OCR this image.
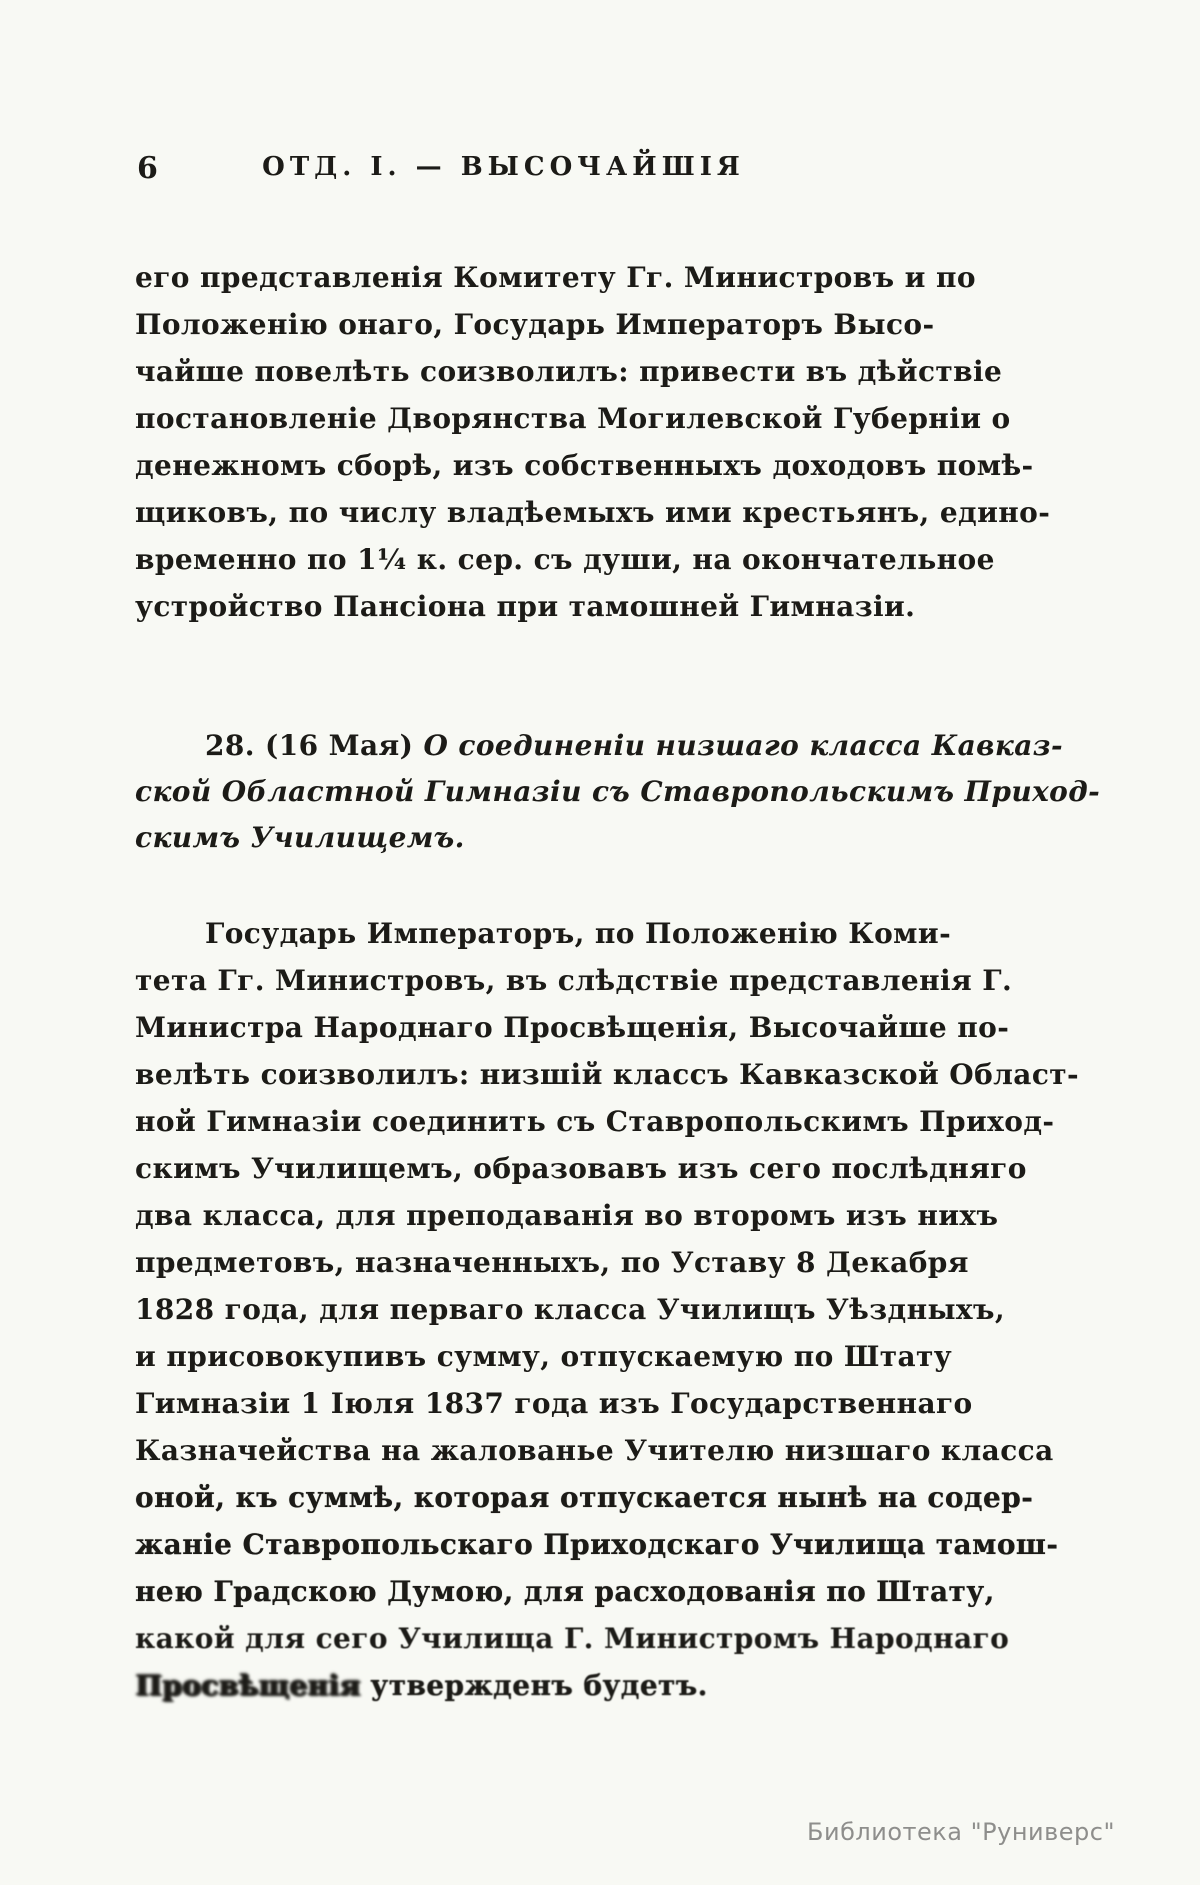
6	ОТД. I. — ВЫСОЧАЙШІЯ
его представленія Комитету Гг. Министровъ и по
Положенію онаго, Государь Императоръ Высо-
чайше повелѣть соизволилъ: привести въ дѣйствіе
постановленіе Дворянства Могилевской Губерніи о
денежномъ сборѣ, изъ собственныхъ доходовъ помѣ-
щиковъ, по числу владѣемыхъ ими крестьянъ, едино-
временно по 1¼ к. сер. съ души, на окончательное
устройство Пансіона при тамошней Гимназіи.
28. (16 Мая) О соединеніи низшаго класса Кавказ-
ской Областной Гимназіи съ Ставропольскимъ Приход-
скимъ Училищемъ.
Государь Императоръ, по Положенію Коми-
тета Гг. Министровъ, въ слѣдствіе представленія Г.
Министра Народнаго Просвѣщенія, Высочайше по-
велѣть соизволилъ: низшій классъ Кавказской Област-
ной Гимназіи соединить съ Ставропольскимъ Приход-
скимъ Училищемъ, образовавъ изъ сего послѣдняго
два класса, для преподаванія во второмъ изъ нихъ
предметовъ, назначенныхъ, по Уставу 8 Декабря
1828 года, для перваго класса Училищъ Уѣздныхъ,
и присовокупивъ сумму, отпускаемую по Штату
Гимназіи 1 Іюля 1837 года изъ Государственнаго
Казначейства на жалованье Учителю низшаго класса
оной, къ суммѣ, которая отпускается нынѣ на содер-
жаніе Ставропольскаго Приходскаго Училища тамош-
нею Градскою Думою, для расходованія по Штату,
какой для сего Училища Г. Министромъ Народнаго
Просвѣщенія утвержденъ будетъ.
Библиотека "Руниверс"
